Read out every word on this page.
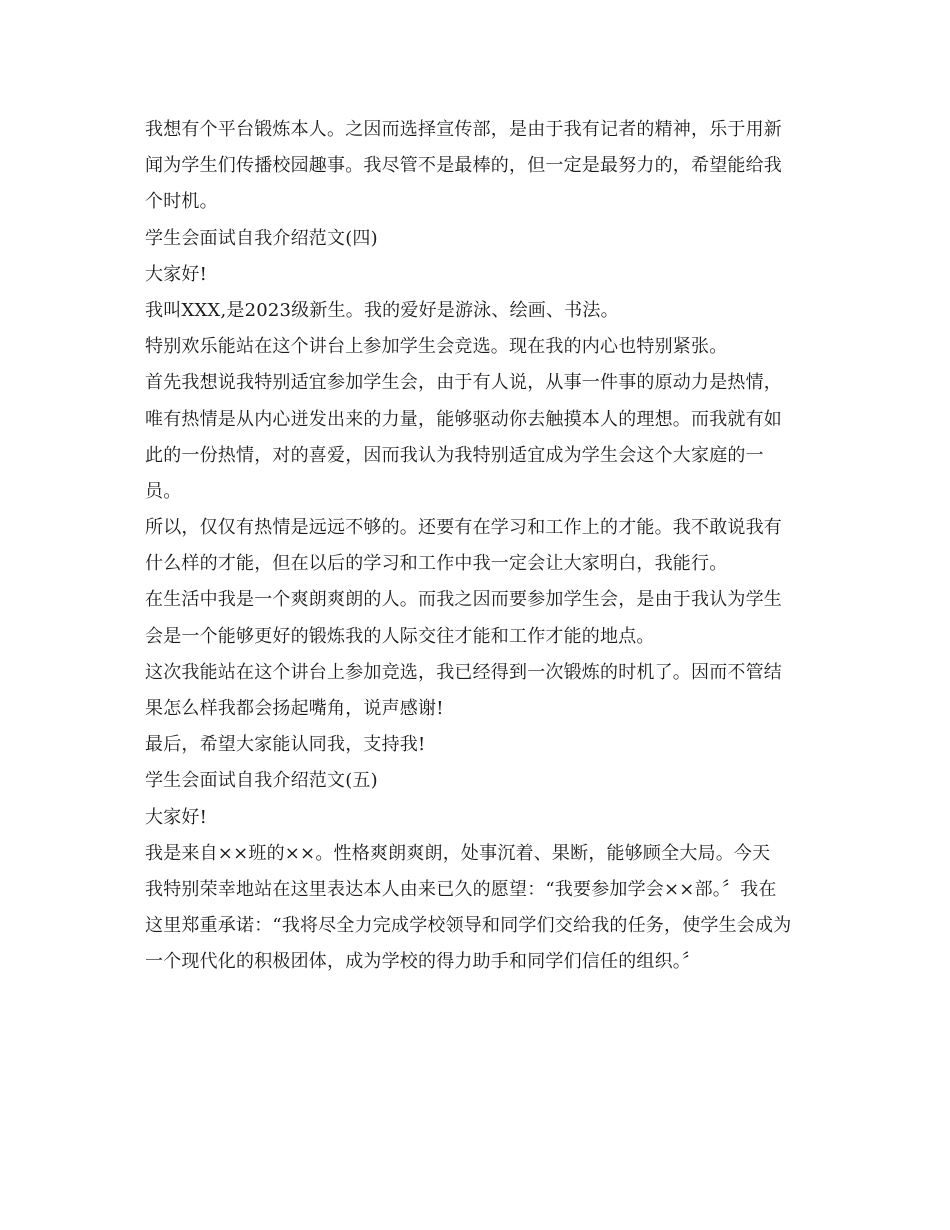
我想有个平台锻炼本人。之因而选择宣传部，是由于我有记者的精神，乐于用新
闻为学生们传播校园趣事。我尽管不是最棒的，但一定是最努力的，希望能给我
个时机。
学生会面试自我介绍范文(四)
大家好!
我叫XXX,是2023级新生。我的爱好是游泳、绘画、书法。
特别欢乐能站在这个讲台上参加学生会竞选。现在我的内心也特别紧张。
首先我想说我特别适宜参加学生会，由于有人说，从事一件事的原动力是热情，
唯有热情是从内心迸发出来的力量，能够驱动你去触摸本人的理想。而我就有如
此的一份热情，对的喜爱，因而我认为我特别适宜成为学生会这个大家庭的一
员。
所以，仅仅有热情是远远不够的。还要有在学习和工作上的才能。我不敢说我有
什么样的才能，但在以后的学习和工作中我一定会让大家明白，我能行。
在生活中我是一个爽朗爽朗的人。而我之因而要参加学生会，是由于我认为学生
会是一个能够更好的锻炼我的人际交往才能和工作才能的地点。
这次我能站在这个讲台上参加竞选，我已经得到一次锻炼的时机了。因而不管结
果怎么样我都会扬起嘴角，说声感谢!
最后，希望大家能认同我，支持我!
学生会面试自我介绍范文(五)
大家好!
我是来自××班的××。性格爽朗爽朗，处事沉着、果断，能够顾全大局。今天
我特别荣幸地站在这里表达本人由来已久的愿望：“我要参加学会××部。〞我在
这里郑重承诺：“我将尽全力完成学校领导和同学们交给我的任务，使学生会成为
一个现代化的积极团体，成为学校的得力助手和同学们信任的组织。〞
